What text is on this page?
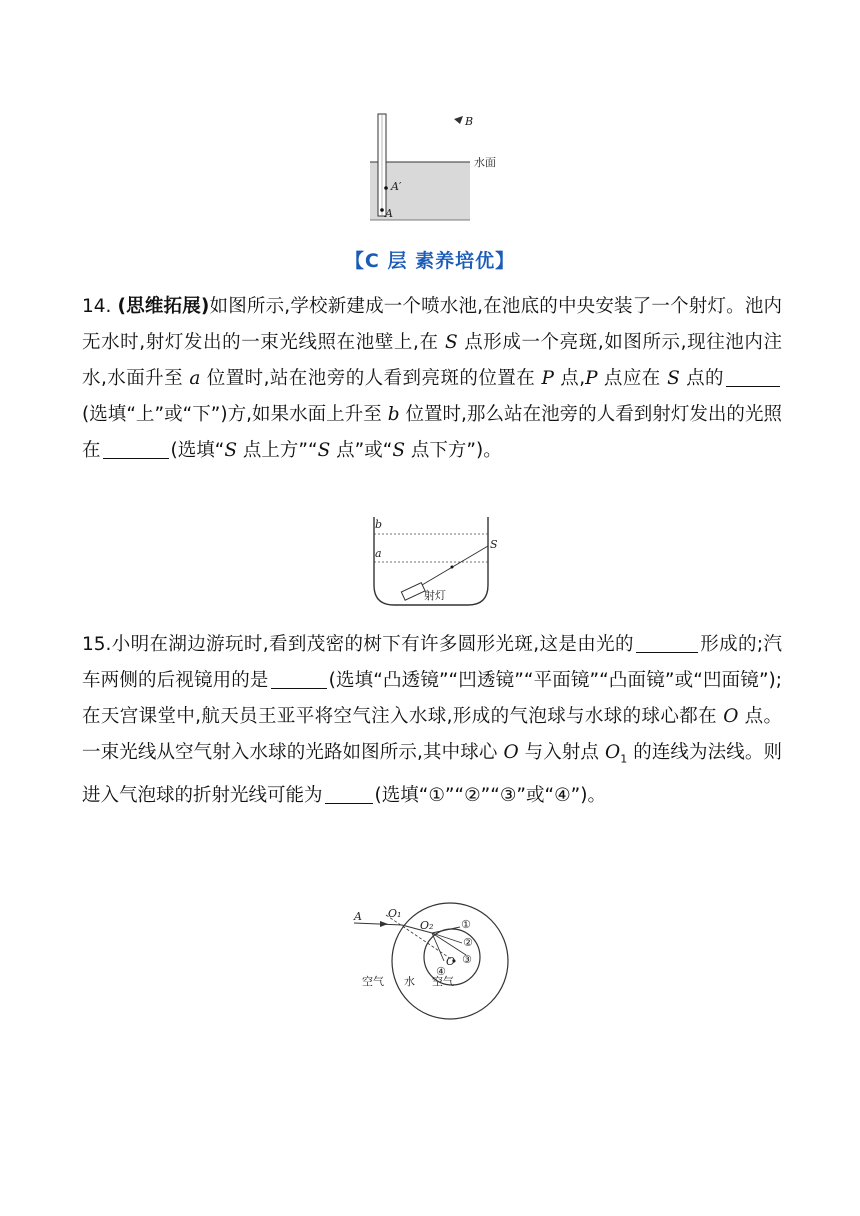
B
水面
A′
A
【C 层 素养培优】
14. (思维拓展)如图所示,学校新建成一个喷水池,在池底的中央安装了一个射灯。池内无水时,射灯发出的一束光线照在池壁上,在 S 点形成一个亮斑,如图所示,现往池内注水,水面升至 a 位置时,站在池旁的人看到亮斑的位置在 P 点,P 点应在 S 点的(选填“上”或“下”)方,如果水面上升至 b 位置时,那么站在池旁的人看到射灯发出的光照在	(选填“S 点上方”“S 点”或“S 点下方”)。
b
a
S
射灯
15.小明在湖边游玩时,看到茂密的树下有许多圆形光斑,这是由光的	形成的;汽车两侧的后视镜用的是	(选填“凸透镜”“凹透镜”“平面镜”“凸面镜”或“凹面镜”);在天宫课堂中,航天员王亚平将空气注入水球,形成的气泡球与水球的球心都在 O 点。一束光线从空气射入水球的光路如图所示,其中球心 O 与入射点 $O_1$ 的连线为法线。则进入气泡球的折射光线可能为	(选填“①”“②”“③”或“④”)。
A O₁
O₂
O
①
②
③
④
空气 水 空气
